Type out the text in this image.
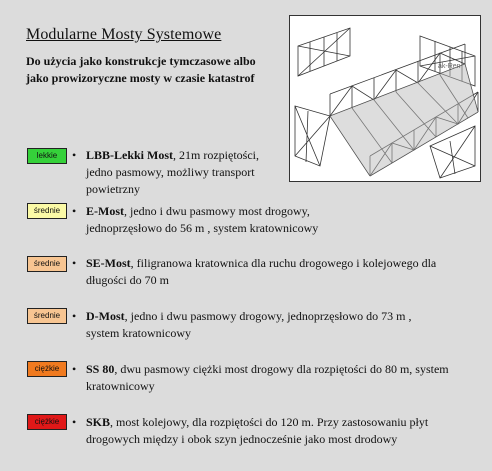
Modularne Mosty Systemowe
Do użycia jako konstrukcje tymczasowe albo jako prowizoryczne mosty w czasie katastrof
ak-Ren
lekkie	• LBB-Lekki Most, 21m rozpiętości, jedno pasmowy, możliwy transport powietrzny
średnie • E-Most, jedno i dwu pasmowy most drogowy, jednoprzęsłowo do 56 m , system kratownicowy
średnie • SE-Most, filigranowa kratownica dla ruchu drogowego i kolejowego dla długości do 70 m
średnie • D-Most, jedno i dwu pasmowy drogowy, jednoprzęsłowo do 73 m , system kratownicowy
ciężkie	• SS 80, dwu pasmowy ciężki most drogowy dla rozpiętości do 80 m, system kratownicowy
ciężkie	• SKB, most kolejowy, dla rozpiętości do 120 m. Przy zastosowaniu płyt drogowych między i obok szyn jednocześnie jako most drodowy
